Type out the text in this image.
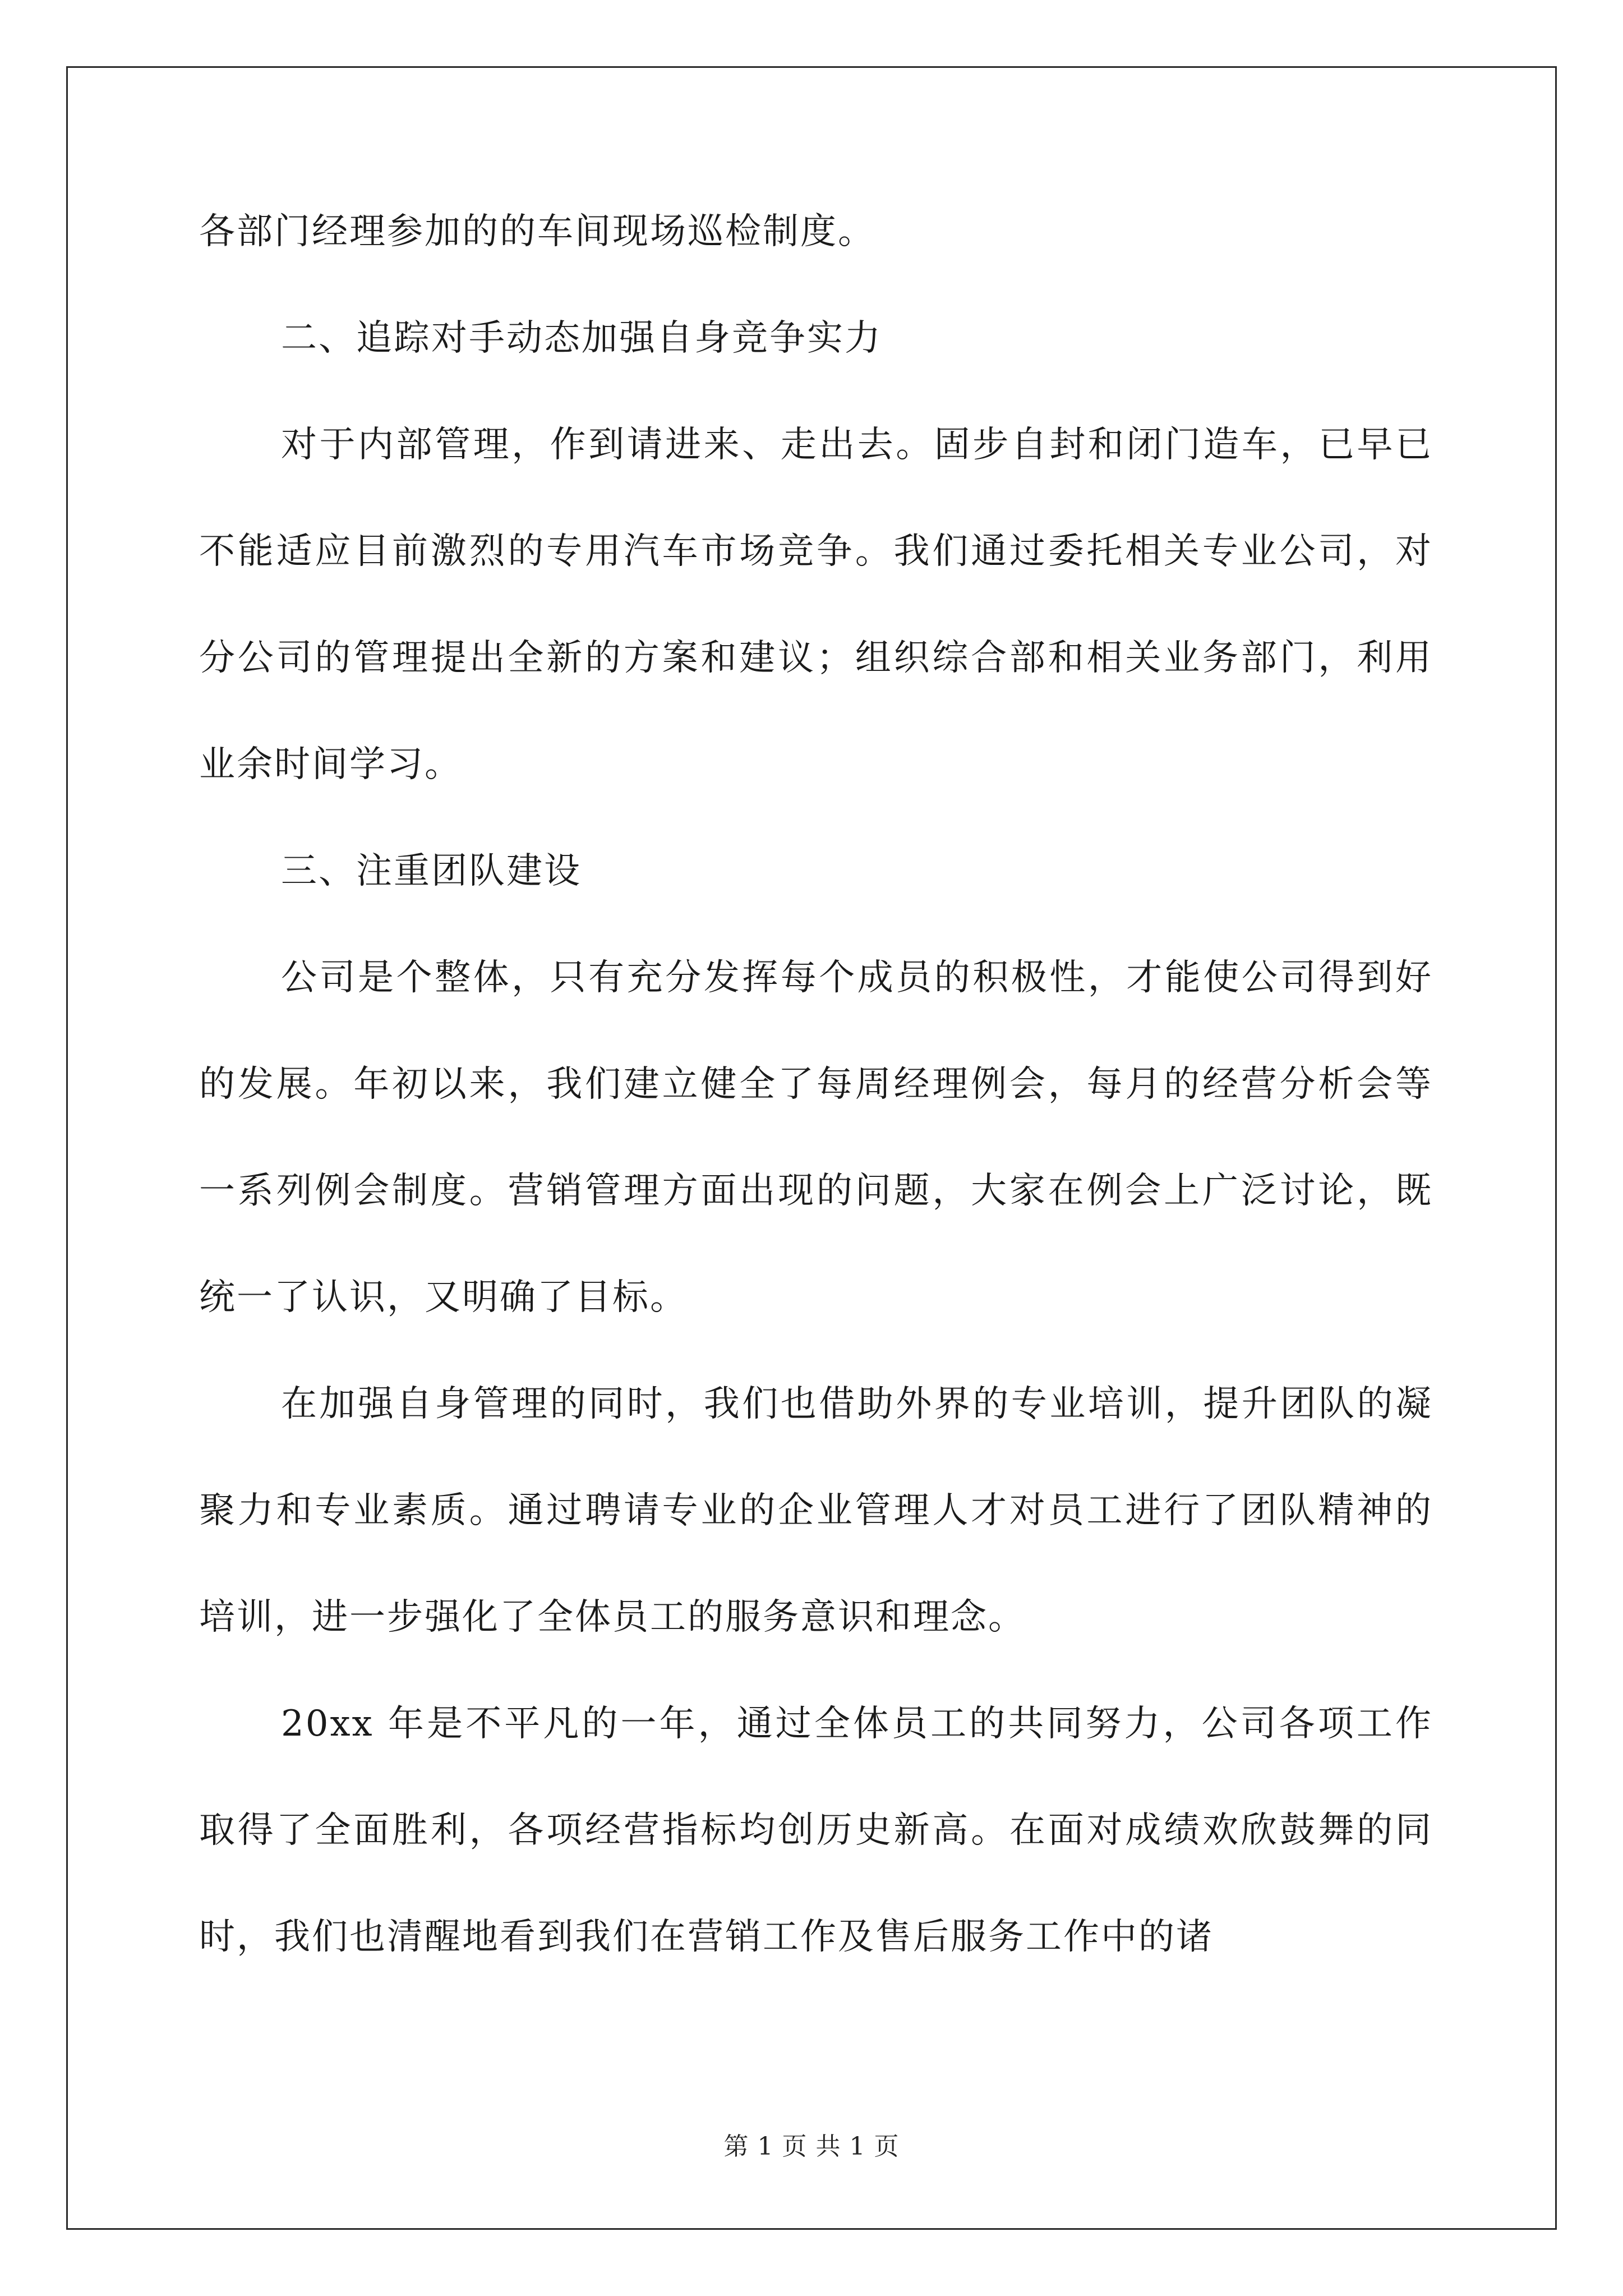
各部门经理参加的的车间现场巡检制度。

二、追踪对手动态加强自身竞争实力

对于内部管理，作到请进来、走出去。固步自封和闭门造车，已早已不能适应目前激烈的专用汽车市场竞争。我们通过委托相关专业公司，对分公司的管理提出全新的方案和建议；组织综合部和相关业务部门，利用业余时间学习。

三、注重团队建设

公司是个整体，只有充分发挥每个成员的积极性，才能使公司得到好的发展。年初以来，我们建立健全了每周经理例会，每月的经营分析会等一系列例会制度。营销管理方面出现的问题，大家在例会上广泛讨论，既统一了认识，又明确了目标。

在加强自身管理的同时，我们也借助外界的专业培训，提升团队的凝聚力和专业素质。通过聘请专业的企业管理人才对员工进行了团队精神的培训，进一步强化了全体员工的服务意识和理念。

20xx 年是不平凡的一年，通过全体员工的共同努力，公司各项工作取得了全面胜利，各项经营指标均创历史新高。在面对成绩欢欣鼓舞的同时，我们也清醒地看到我们在营销工作及售后服务工作中的诸

第 1 页 共 1 页
